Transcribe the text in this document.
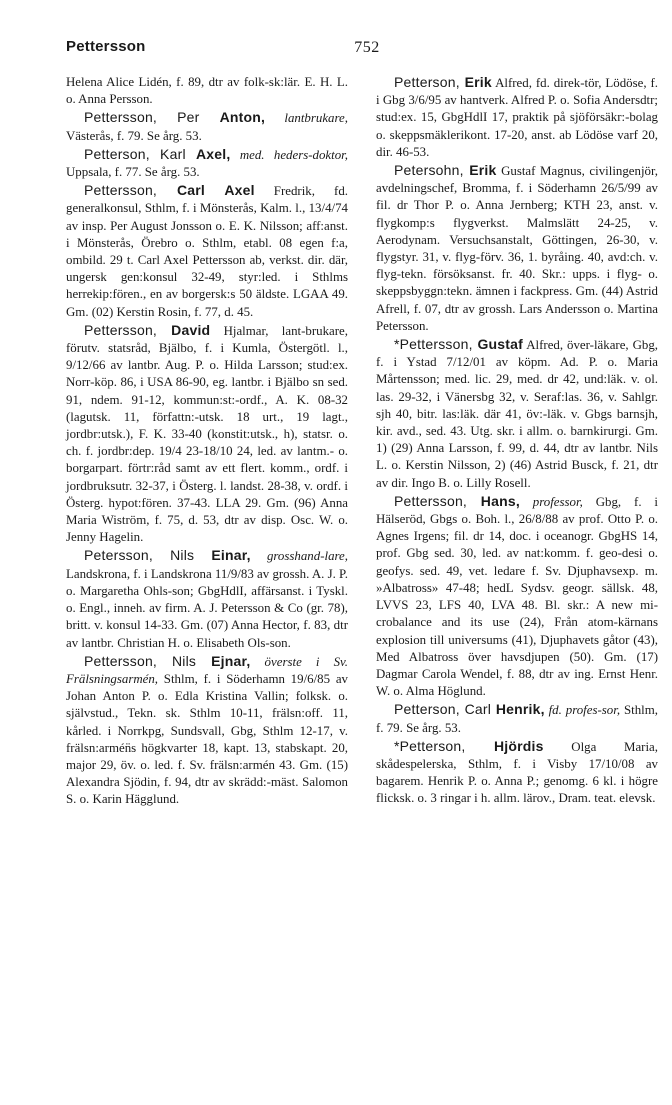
Pettersson	752

Helena Alice Lidén, f. 89, dtr av folk-sk:lär. E. H. L. o. Anna Persson.

Pettersson, Per Anton, lantbrukare, Västerås, f. 79. Se årg. 53.

Petterson, Karl Axel, med. heders-doktor, Uppsala, f. 77. Se årg. 53.

Pettersson, Carl Axel Fredrik, fd. generalkonsul, Sthlm, f. i Mönsterås, Kalm. l., 13/4/74 av insp. Per August Jonsson o. E. K. Nilsson; aff:anst. i Mönsterås, Örebro o. Sthlm, etabl. 08 egen f:a, ombild. 29 t. Carl Axel Pettersson ab, verkst. dir. där, ungersk gen:konsul 32-49, styr:led. i Sthlms herrekip:fören., en av borgersk:s 50 äldste. LGAA 49. Gm. (02) Kerstin Rosin, f. 77, d. 45.

Pettersson, David Hjalmar, lant-brukare, förutv. statsråd, Bjälbo, f. i Kumla, Östergötl. l., 9/12/66 av lantbr. Aug. P. o. Hilda Larsson; stud:ex. Norr-köp. 86, i USA 86-90, eg. lantbr. i Bjälbo sn sed. 91, ndem. 91-12, kommun:st:-ordf., A. K. 08-32 (lagutsk. 11, författn:-utsk. 18 urt., 19 lagt., jordbr:utsk.), F. K. 33-40 (konstit:utsk., h), statsr. o. ch. f. jordbr:dep. 19/4 23-18/10 24, led. av lantm.- o. borgarpart. förtr:råd samt av ett flert. komm., ordf. i jordbruksutr. 32-37, i Österg. l. landst. 28-38, v. ordf. i Österg. hypot:fören. 37-43. LLA 29. Gm. (96) Anna Maria Wiström, f. 75, d. 53, dtr av disp. Osc. W. o. Jenny Hagelin.

Petersson, Nils Einar, grosshand-lare, Landskrona, f. i Landskrona 11/9/83 av grossh. A. J. P. o. Margaretha Ohls-son; GbgHdlI, affärsanst. i Tyskl. o. Engl., inneh. av firm. A. J. Petersson & Co (gr. 78), britt. v. konsul 14-33. Gm. (07) Anna Hector, f. 83, dtr av lantbr. Christian H. o. Elisabeth Ols-son.

Pettersson, Nils Ejnar, överste i Sv. Frälsningsarmén, Sthlm, f. i Söderhamn 19/6/85 av Johan Anton P. o. Edla Kristina Vallin; folksk. o. självstud., Tekn. sk. Sthlm 10-11, frälsn:off. 11, kårled. i Norrkpg, Sundsvall, Gbg, Sthlm 12-17, v. frälsn:armén̈s högkvarter 18, kapt. 13, stabskapt. 20, major 29, öv. o. led. f. Sv. frälsn:armén 43. Gm. (15) Alexandra Sjödin, f. 94, dtr av skrädd:-mäst. Salomon S. o. Karin Hägglund.

Petterson, Erik Alfred, fd. direk-tör, Lödöse, f. i Gbg 3/6/95 av hantverk. Alfred P. o. Sofia Andersdtr; stud:ex. 15, GbgHdlI 17, praktik på sjöförsäkr:-bolag o. skeppsmäklerikont. 17-20, anst. ab Lödöse varf 20, dir. 46-53.

Petersohn, Erik Gustaf Magnus, civilingenjör, avdelningschef, Bromma, f. i Söderhamn 26/5/99 av fil. dr Thor P. o. Anna Jernberg; KTH 23, anst. v. flygkomp:s flygverkst. Malmslätt 24-25, v. Aerodynam. Versuchsanstalt, Göttingen, 26-30, v. flygstyr. 31, v. flyg-förv. 36, 1. byråing. 40, avd:ch. v. flyg-tekn. försöksanst. fr. 40. Skr.: upps. i flyg- o. skeppsbyggn:tekn. ämnen i fackpress. Gm. (44) Astrid Afrell, f. 07, dtr av grossh. Lars Andersson o. Martina Petersson.

*Pettersson, Gustaf Alfred, över-läkare, Gbg, f. i Ystad 7/12/01 av köpm. Ad. P. o. Maria Mårtensson; med. lic. 29, med. dr 42, und:läk. v. ol. las. 29-32, i Vänersbg 32, v. Seraf:las. 36, v. Sahlgr. sjh 40, bitr. las:läk. där 41, öv:-läk. v. Gbgs barnsjh, kir. avd., sed. 43. Utg. skr. i allm. o. barnkirurgi. Gm. 1) (29) Anna Larsson, f. 99, d. 44, dtr av lantbr. Nils L. o. Kerstin Nilsson, 2) (46) Astrid Busck, f. 21, dtr av dir. Ingo B. o. Lilly Rosell.

Pettersson, Hans, professor, Gbg, f. i Hälseröd, Gbgs o. Boh. l., 26/8/88 av prof. Otto P. o. Agnes Irgens; fil. dr 14, doc. i oceanogr. GbgHS 14, prof. Gbg sed. 30, led. av nat:komm. f. geo-desi o. geofys. sed. 49, vet. ledare f. Sv. Djuphavsexp. m. »Albatross» 47-48; hedL Sydsv. geogr. sällsk. 48, LVVS 23, LFS 40, LVA 48. Bl. skr.: A new mi-crobalance and its use (24), Från atom-kärnans explosion till universums (41), Djuphavets gåtor (43), Med Albatross över havsdjupen (50). Gm. (17) Dagmar Carola Wendel, f. 88, dtr av ing. Ernst Henr. W. o. Alma Höglund.

Petterson, Carl Henrik, fd. profes-sor, Sthlm, f. 79. Se årg. 53.

*Petterson, Hjördis Olga Maria, skådespelerska, Sthlm, f. i Visby 17/10/08 av bagarem. Henrik P. o. Anna P.; genomg. 6 kl. i högre flicksk. o. 3 ringar i h. allm. lärov., Dram. teat. elevsk.
